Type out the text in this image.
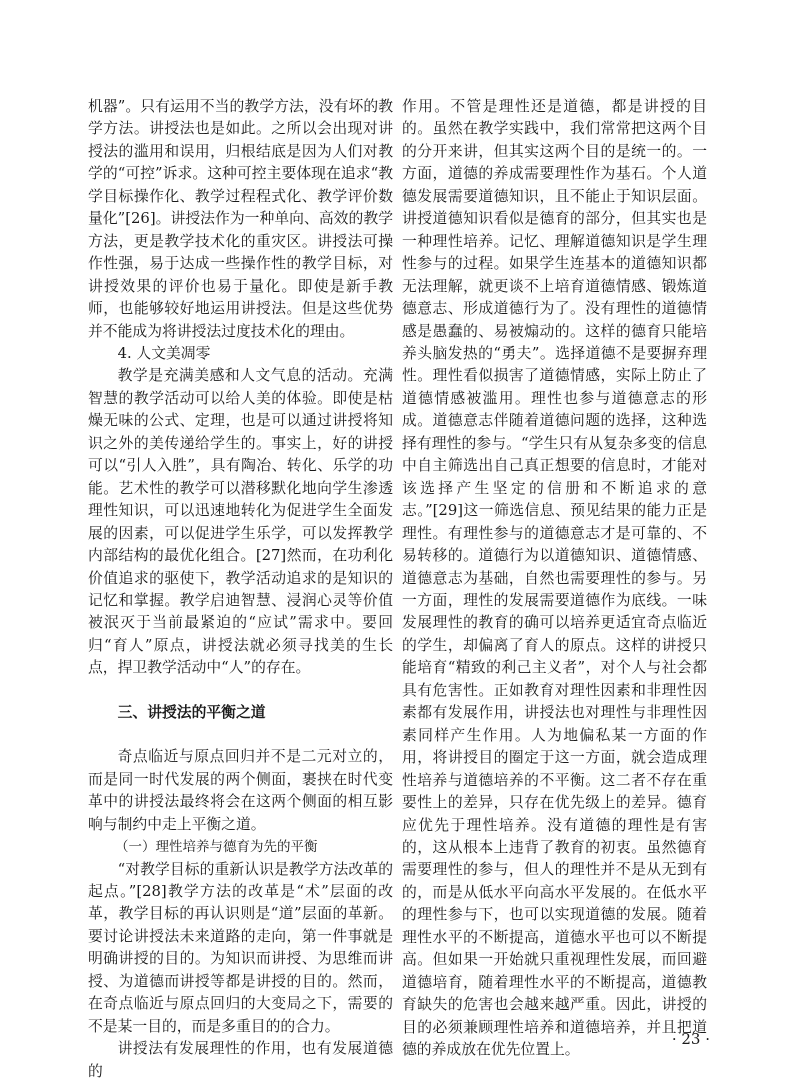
机器”。只有运用不当的教学方法，没有坏的教学方法。讲授法也是如此。之所以会出现对讲授法的滥用和误用，归根结底是因为人们对教学的“可控”诉求。这种可控主要体现在追求“教学目标操作化、教学过程程式化、教学评价数量化”[26]。讲授法作为一种单向、高效的教学方法，更是教学技术化的重灾区。讲授法可操作性强，易于达成一些操作性的教学目标，对讲授效果的评价也易于量化。即使是新手教师，也能够较好地运用讲授法。但是这些优势并不能成为将讲授法过度技术化的理由。

4. 人文美凋零

教学是充满美感和人文气息的活动。充满智慧的教学活动可以给人美的体验。即使是枯燥无味的公式、定理，也是可以通过讲授将知识之外的美传递给学生的。事实上，好的讲授可以“引人入胜”，具有陶冶、转化、乐学的功能。艺术性的教学可以潜移默化地向学生渗透理性知识，可以迅速地转化为促进学生全面发展的因素，可以促进学生乐学，可以发挥教学内部结构的最优化组合。[27]然而，在功利化价值追求的驱使下，教学活动追求的是知识的记忆和掌握。教学启迪智慧、浸润心灵等价值被泯灭于当前最紧迫的“应试”需求中。要回归“育人”原点，讲授法就必须寻找美的生长点，捍卫教学活动中“人”的存在。

三、讲授法的平衡之道

奇点临近与原点回归并不是二元对立的，而是同一时代发展的两个侧面，裹挟在时代变革中的讲授法最终将会在这两个侧面的相互影响与制约中走上平衡之道。

（一）理性培养与德育为先的平衡

“对教学目标的重新认识是教学方法改革的起点。”[28]教学方法的改革是“术”层面的改革，教学目标的再认识则是“道”层面的革新。要讨论讲授法未来道路的走向，第一件事就是明确讲授的目的。为知识而讲授、为思维而讲授、为道德而讲授等都是讲授的目的。然而，在奇点临近与原点回归的大变局之下，需要的不是某一目的，而是多重目的的合力。

讲授法有发展理性的作用，也有发展道德的

作用。不管是理性还是道德，都是讲授的目的。虽然在教学实践中，我们常常把这两个目的分开来讲，但其实这两个目的是统一的。一方面，道德的养成需要理性作为基石。个人道德发展需要道德知识，且不能止于知识层面。讲授道德知识看似是德育的部分，但其实也是一种理性培养。记忆、理解道德知识是学生理性参与的过程。如果学生连基本的道德知识都无法理解，就更谈不上培育道德情感、锻炼道德意志、形成道德行为了。没有理性的道德情感是愚蠢的、易被煽动的。这样的德育只能培养头脑发热的“勇夫”。选择道德不是要摒弃理性。理性看似损害了道德情感，实际上防止了道德情感被滥用。理性也参与道德意志的形成。道德意志伴随着道德问题的选择，这种选择有理性的参与。“学生只有从复杂多变的信息中自主筛选出自己真正想要的信息时，才能对该选择产生坚定的信册和不断追求的意志。”[29]这一筛选信息、预见结果的能力正是理性。有理性参与的道德意志才是可靠的、不易转移的。道德行为以道德知识、道德情感、道德意志为基础，自然也需要理性的参与。另一方面，理性的发展需要道德作为底线。一味发展理性的教育的确可以培养更适宜奇点临近的学生，却偏离了育人的原点。这样的讲授只能培育“精致的利己主义者”，对个人与社会都具有危害性。正如教育对理性因素和非理性因素都有发展作用，讲授法也对理性与非理性因素同样产生作用。人为地偏私某一方面的作用，将讲授目的圈定于这一方面，就会造成理性培养与道德培养的不平衡。这二者不存在重要性上的差异，只存在优先级上的差异。德育应优先于理性培养。没有道德的理性是有害的，这从根本上违背了教育的初衷。虽然德育需要理性的参与，但人的理性并不是从无到有的，而是从低水平向高水平发展的。在低水平的理性参与下，也可以实现道德的发展。随着理性水平的不断提高，道德水平也可以不断提高。但如果一开始就只重视理性发展，而回避道德培育，随着理性水平的不断提高，道德教育缺失的危害也会越来越严重。因此，讲授的目的必须兼顾理性培养和道德培养，并且把道德的养成放在优先位置上。

· 23 ·
